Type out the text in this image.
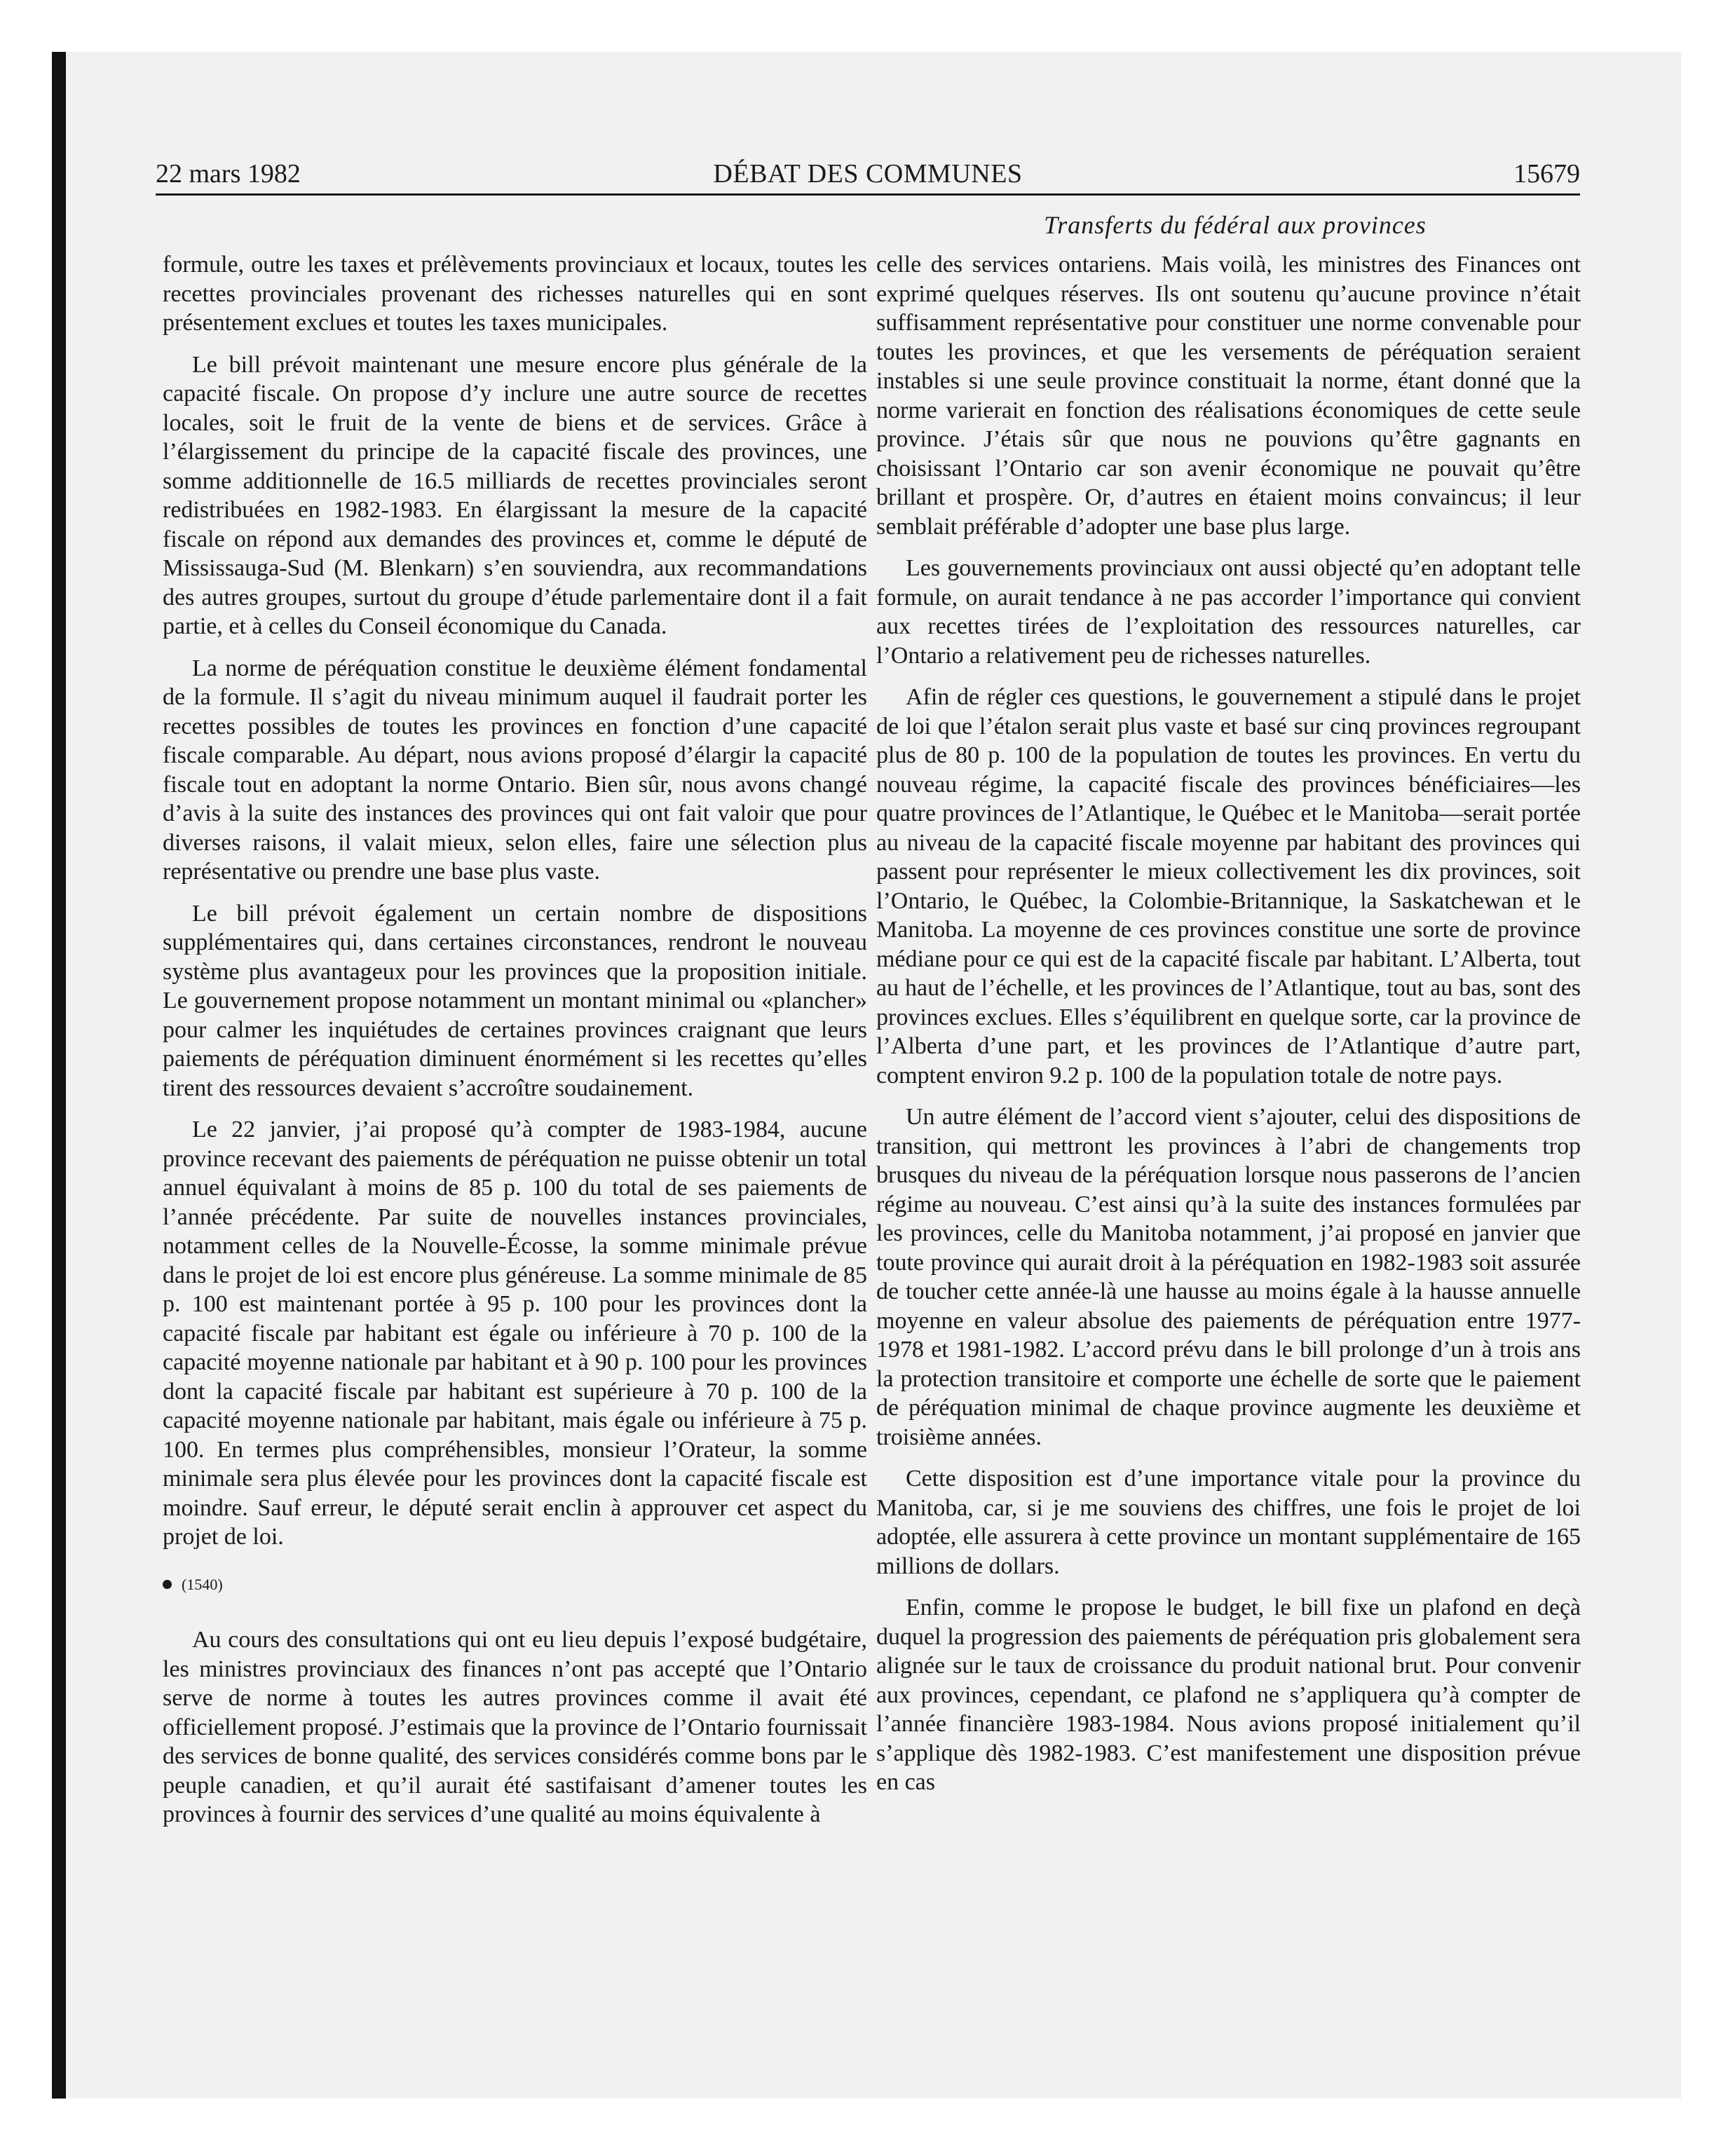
22 mars 1982	DÉBAT DES COMMUNES	15679
Transferts du fédéral aux provinces

formule, outre les taxes et prélèvements provinciaux et locaux, toutes les recettes provinciales provenant des richesses naturelles qui en sont présentement exclues et toutes les taxes municipales.

Le bill prévoit maintenant une mesure encore plus générale de la capacité fiscale. On propose d’y inclure une autre source de recettes locales, soit le fruit de la vente de biens et de services. Grâce à l’élargissement du principe de la capacité fiscale des provinces, une somme additionnelle de 16.5 milliards de recettes provinciales seront redistribuées en 1982-1983. En élargissant la mesure de la capacité fiscale on répond aux demandes des provinces et, comme le député de Mississauga-Sud (M. Blenkarn) s’en souviendra, aux recommandations des autres groupes, surtout du groupe d’étude parlementaire dont il a fait partie, et à celles du Conseil économique du Canada.

La norme de péréquation constitue le deuxième élément fondamental de la formule. Il s’agit du niveau minimum auquel il faudrait porter les recettes possibles de toutes les provinces en fonction d’une capacité fiscale comparable. Au départ, nous avions proposé d’élargir la capacité fiscale tout en adoptant la norme Ontario. Bien sûr, nous avons changé d’avis à la suite des instances des provinces qui ont fait valoir que pour diverses raisons, il valait mieux, selon elles, faire une sélection plus représentative ou prendre une base plus vaste.

Le bill prévoit également un certain nombre de dispositions supplémentaires qui, dans certaines circonstances, rendront le nouveau système plus avantageux pour les provinces que la proposition initiale. Le gouvernement propose notamment un montant minimal ou «plancher» pour calmer les inquiétudes de certaines provinces craignant que leurs paiements de péréquation diminuent énormément si les recettes qu’elles tirent des ressources devaient s’accroître soudainement.

Le 22 janvier, j’ai proposé qu’à compter de 1983-1984, aucune province recevant des paiements de péréquation ne puisse obtenir un total annuel équivalant à moins de 85 p. 100 du total de ses paiements de l’année précédente. Par suite de nouvelles instances provinciales, notamment celles de la Nouvelle-Écosse, la somme minimale prévue dans le projet de loi est encore plus généreuse. La somme minimale de 85 p. 100 est maintenant portée à 95 p. 100 pour les provinces dont la capacité fiscale par habitant est égale ou inférieure à 70 p. 100 de la capacité moyenne nationale par habitant et à 90 p. 100 pour les provinces dont la capacité fiscale par habitant est supérieure à 70 p. 100 de la capacité moyenne nationale par habitant, mais égale ou inférieure à 75 p. 100. En termes plus compréhensibles, monsieur l’Orateur, la somme minimale sera plus élevée pour les provinces dont la capacité fiscale est moindre. Sauf erreur, le député serait enclin à approuver cet aspect du projet de loi.

(1540)

Au cours des consultations qui ont eu lieu depuis l’exposé budgétaire, les ministres provinciaux des finances n’ont pas accepté que l’Ontario serve de norme à toutes les autres provinces comme il avait été officiellement proposé. J’estimais que la province de l’Ontario fournissait des services de bonne qualité, des services considérés comme bons par le peuple canadien, et qu’il aurait été sastifaisant d’amener toutes les provinces à fournir des services d’une qualité au moins équivalente à

celle des services ontariens. Mais voilà, les ministres des Finances ont exprimé quelques réserves. Ils ont soutenu qu’aucune province n’était suffisamment représentative pour constituer une norme convenable pour toutes les provinces, et que les versements de péréquation seraient instables si une seule province constituait la norme, étant donné que la norme varierait en fonction des réalisations économiques de cette seule province. J’étais sûr que nous ne pouvions qu’être gagnants en choisissant l’Ontario car son avenir économique ne pouvait qu’être brillant et prospère. Or, d’autres en étaient moins convaincus; il leur semblait préférable d’adopter une base plus large.

Les gouvernements provinciaux ont aussi objecté qu’en adoptant telle formule, on aurait tendance à ne pas accorder l’importance qui convient aux recettes tirées de l’exploitation des ressources naturelles, car l’Ontario a relativement peu de richesses naturelles.

Afin de régler ces questions, le gouvernement a stipulé dans le projet de loi que l’étalon serait plus vaste et basé sur cinq provinces regroupant plus de 80 p. 100 de la population de toutes les provinces. En vertu du nouveau régime, la capacité fiscale des provinces bénéficiaires—les quatre provinces de l’Atlantique, le Québec et le Manitoba—serait portée au niveau de la capacité fiscale moyenne par habitant des provinces qui passent pour représenter le mieux collectivement les dix provinces, soit l’Ontario, le Québec, la Colombie-Britannique, la Saskatchewan et le Manitoba. La moyenne de ces provinces constitue une sorte de province médiane pour ce qui est de la capacité fiscale par habitant. L’Alberta, tout au haut de l’échelle, et les provinces de l’Atlantique, tout au bas, sont des provinces exclues. Elles s’équilibrent en quelque sorte, car la province de l’Alberta d’une part, et les provinces de l’Atlantique d’autre part, comptent environ 9.2 p. 100 de la population totale de notre pays.

Un autre élément de l’accord vient s’ajouter, celui des dispositions de transition, qui mettront les provinces à l’abri de changements trop brusques du niveau de la péréquation lorsque nous passerons de l’ancien régime au nouveau. C’est ainsi qu’à la suite des instances formulées par les provinces, celle du Manitoba notamment, j’ai proposé en janvier que toute province qui aurait droit à la péréquation en 1982-1983 soit assurée de toucher cette année-là une hausse au moins égale à la hausse annuelle moyenne en valeur absolue des paiements de péréquation entre 1977-1978 et 1981-1982. L’accord prévu dans le bill prolonge d’un à trois ans la protection transitoire et comporte une échelle de sorte que le paiement de péréquation minimal de chaque province augmente les deuxième et troisième années.

Cette disposition est d’une importance vitale pour la province du Manitoba, car, si je me souviens des chiffres, une fois le projet de loi adoptée, elle assurera à cette province un montant supplémentaire de 165 millions de dollars.

Enfin, comme le propose le budget, le bill fixe un plafond en deçà duquel la progression des paiements de péréquation pris globalement sera alignée sur le taux de croissance du produit national brut. Pour convenir aux provinces, cependant, ce plafond ne s’appliquera qu’à compter de l’année financière 1983-1984. Nous avions proposé initialement qu’il s’applique dès 1982-1983. C’est manifestement une disposition prévue en cas
